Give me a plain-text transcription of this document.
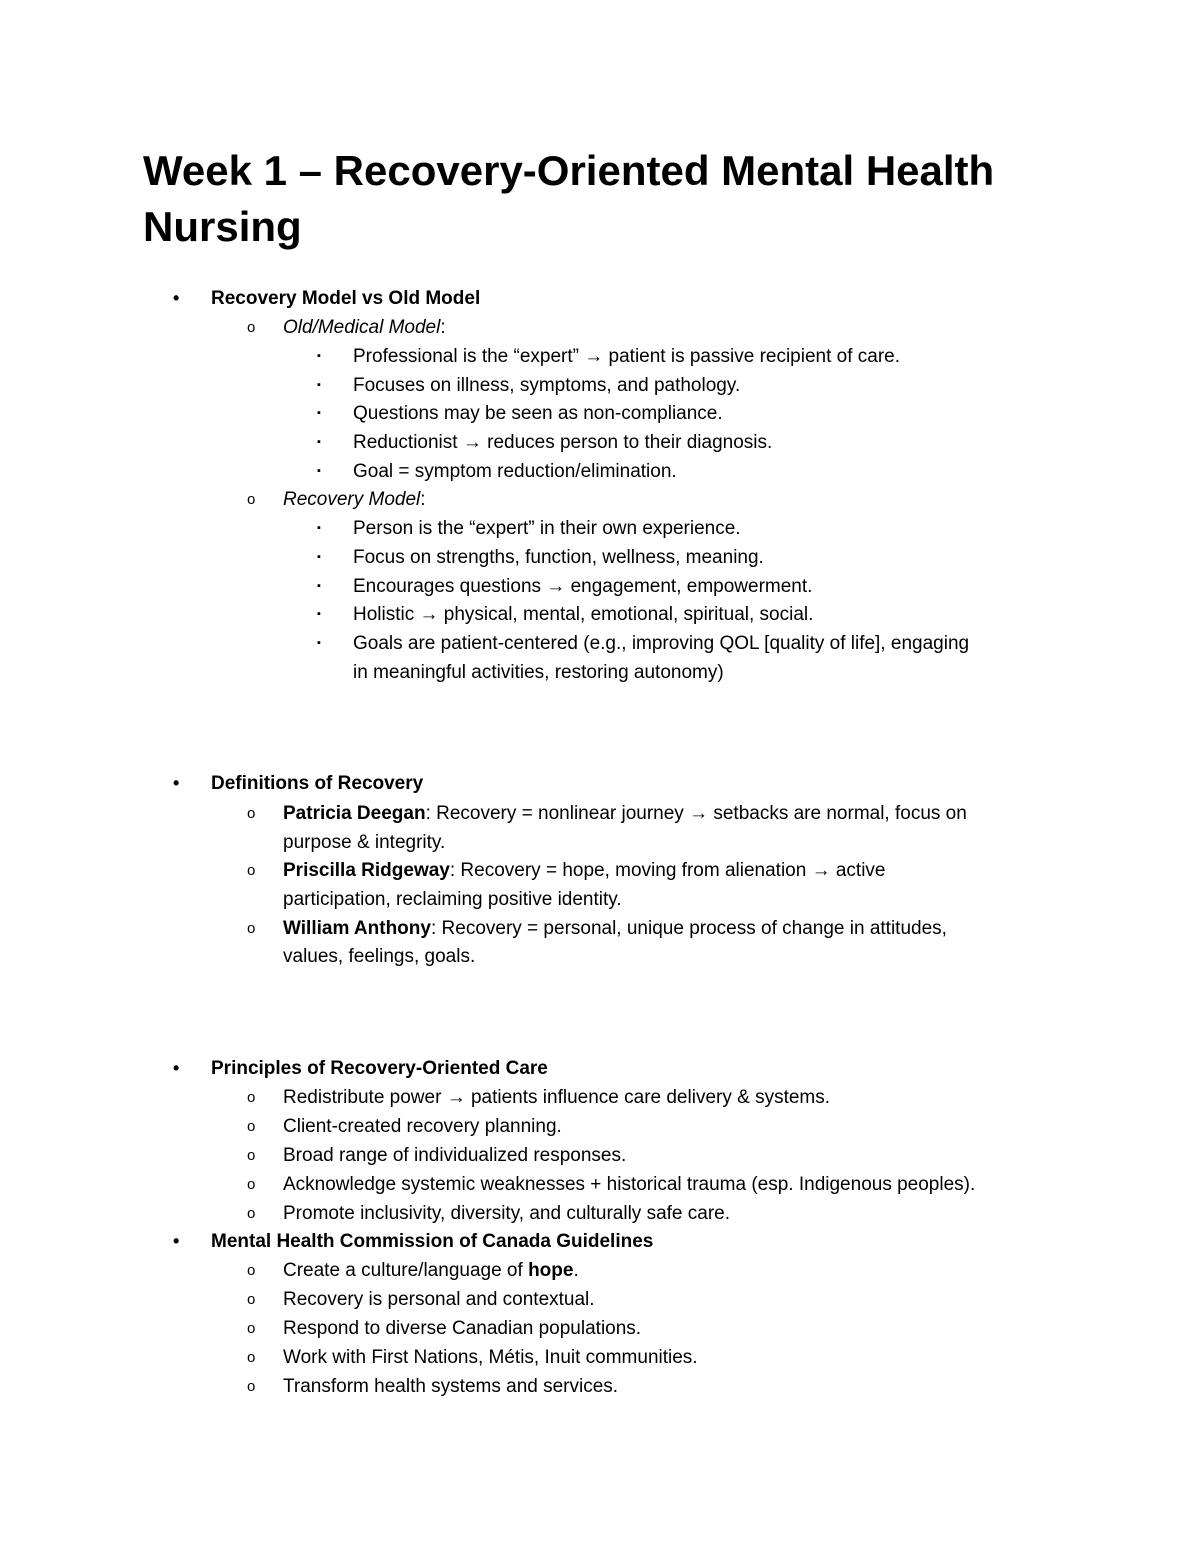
Week 1 – Recovery-Oriented Mental Health Nursing
• Recovery Model vs Old Model
o Old/Medical Model:
▪ Professional is the “expert” → patient is passive recipient of care.
▪ Focuses on illness, symptoms, and pathology.
▪ Questions may be seen as non-compliance.
▪ Reductionist → reduces person to their diagnosis.
▪ Goal = symptom reduction/elimination.
o Recovery Model:
▪ Person is the “expert” in their own experience.
▪ Focus on strengths, function, wellness, meaning.
▪ Encourages questions → engagement, empowerment.
▪ Holistic → physical, mental, emotional, spiritual, social.
▪ Goals are patient-centered (e.g., improving QOL [quality of life], engaging
in meaningful activities, restoring autonomy)
• Definitions of Recovery
o Patricia Deegan: Recovery = nonlinear journey → setbacks are normal, focus on
purpose & integrity.
o Priscilla Ridgeway: Recovery = hope, moving from alienation → active
participation, reclaiming positive identity.
o William Anthony: Recovery = personal, unique process of change in attitudes,
values, feelings, goals.
• Principles of Recovery-Oriented Care
o Redistribute power → patients influence care delivery & systems.
o Client-created recovery planning.
o Broad range of individualized responses.
o Acknowledge systemic weaknesses + historical trauma (esp. Indigenous peoples).
o Promote inclusivity, diversity, and culturally safe care.
• Mental Health Commission of Canada Guidelines
o Create a culture/language of hope.
o Recovery is personal and contextual.
o Respond to diverse Canadian populations.
o Work with First Nations, Métis, Inuit communities.
o Transform health systems and services.
